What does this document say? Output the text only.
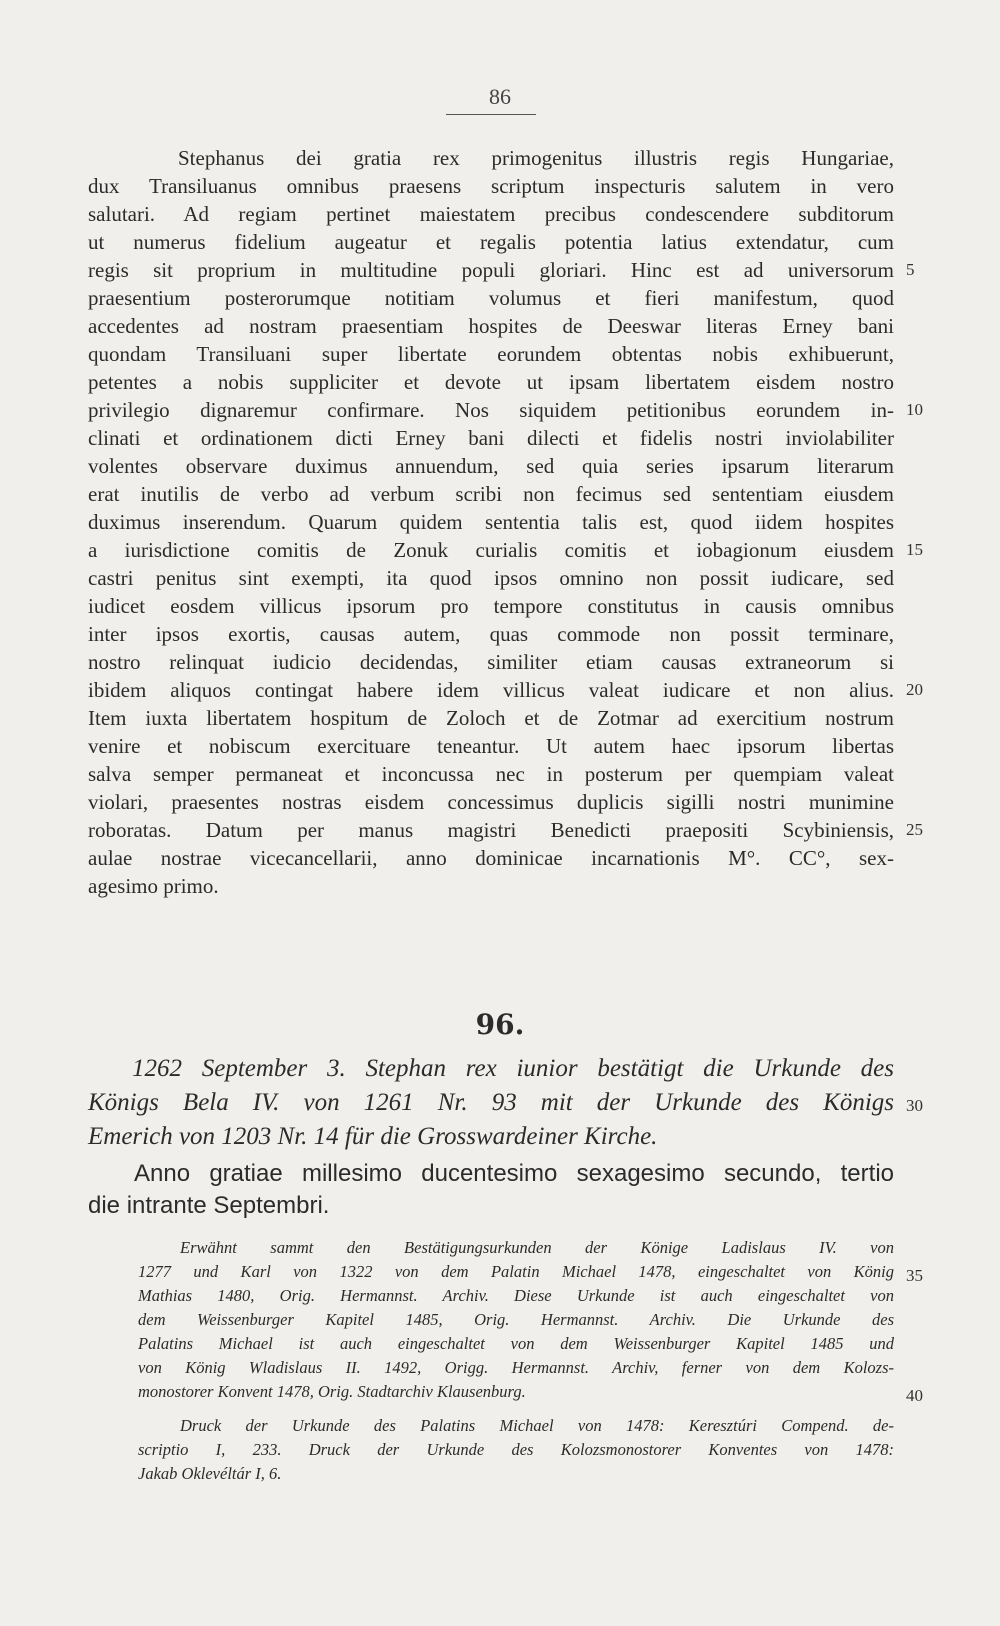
86
Stephanus dei gratia rex primogenitus illustris regis Hungariae,
dux Transiluanus omnibus praesens scriptum inspecturis salutem in vero
salutari. Ad regiam pertinet maiestatem precibus condescendere subditorum
ut numerus fidelium augeatur et regalis potentia latius extendatur, cum
regis sit proprium in multitudine populi gloriari. Hinc est ad universorum
praesentium posterorumque notitiam volumus et fieri manifestum, quod
accedentes ad nostram praesentiam hospites de Deeswar literas Erney bani
quondam Transiluani super libertate eorundem obtentas nobis exhibuerunt,
petentes a nobis suppliciter et devote ut ipsam libertatem eisdem nostro
privilegio dignaremur confirmare. Nos siquidem petitionibus eorundem in-
clinati et ordinationem dicti Erney bani dilecti et fidelis nostri inviolabiliter
volentes observare duximus annuendum, sed quia series ipsarum literarum
erat inutilis de verbo ad verbum scribi non fecimus sed sententiam eiusdem
duximus inserendum. Quarum quidem sententia talis est, quod iidem hospites
a iurisdictione comitis de Zonuk curialis comitis et iobagionum eiusdem
castri penitus sint exempti, ita quod ipsos omnino non possit iudicare, sed
iudicet eosdem villicus ipsorum pro tempore constitutus in causis omnibus
inter ipsos exortis, causas autem, quas commode non possit terminare,
nostro relinquat iudicio decidendas, similiter etiam causas extraneorum si
ibidem aliquos contingat habere idem villicus valeat iudicare et non alius.
Item iuxta libertatem hospitum de Zoloch et de Zotmar ad exercitium nostrum
venire et nobiscum exercituare teneantur. Ut autem haec ipsorum libertas
salva semper permaneat et inconcussa nec in posterum per quempiam valeat
violari, praesentes nostras eisdem concessimus duplicis sigilli nostri munimine
roboratas. Datum per manus magistri Benedicti praepositi Scybiniensis,
aulae nostrae vicecancellarii, anno dominicae incarnationis M°. CC°, sex-
agesimo primo.
5
10
15
20
25
30
35
40
96.
1262 September 3. Stephan rex iunior bestätigt die Urkunde des
Königs Bela IV. von 1261 Nr. 93 mit der Urkunde des Königs
Emerich von 1203 Nr. 14 für die Grosswardeiner Kirche.
Anno gratiae millesimo ducentesimo sexagesimo secundo, tertio
die intrante Septembri.
Erwähnt sammt den Bestätigungsurkunden der Könige Ladislaus IV. von
1277 und Karl von 1322 von dem Palatin Michael 1478, eingeschaltet von König
Mathias 1480, Orig. Hermannst. Archiv. Diese Urkunde ist auch eingeschaltet von
dem Weissenburger Kapitel 1485, Orig. Hermannst. Archiv. Die Urkunde des
Palatins Michael ist auch eingeschaltet von dem Weissenburger Kapitel 1485 und
von König Wladislaus II. 1492, Origg. Hermannst. Archiv, ferner von dem Kolozs-
monostorer Konvent 1478, Orig. Stadtarchiv Klausenburg.
Druck der Urkunde des Palatins Michael von 1478: Keresztúri Compend. de-
scriptio I, 233. Druck der Urkunde des Kolozsmonostorer Konventes von 1478:
Jakab Oklevéltár I, 6.
